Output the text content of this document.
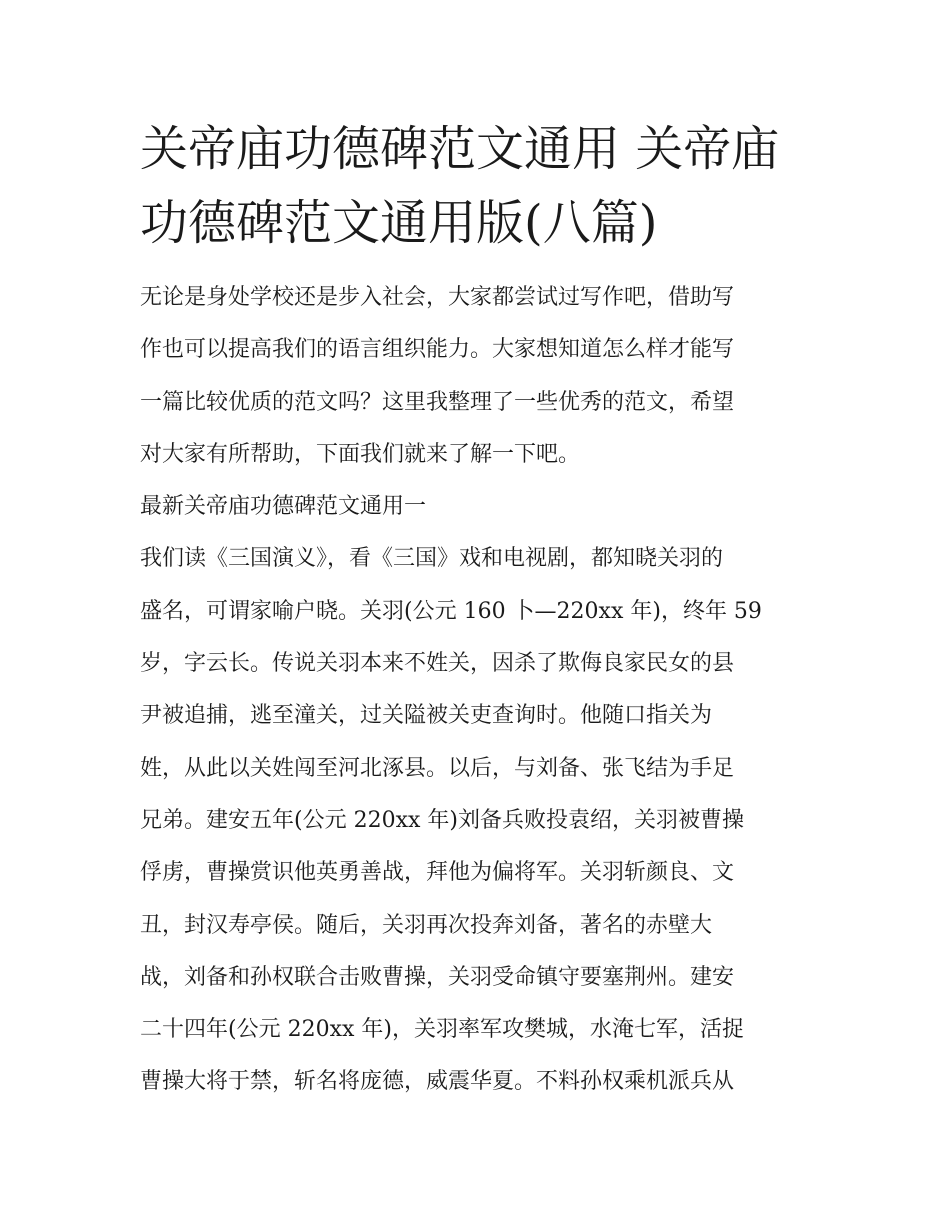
关帝庙功德碑范文通用 关帝庙
功德碑范文通用版(八篇)
无论是身处学校还是步入社会，大家都尝试过写作吧，借助写
作也可以提高我们的语言组织能力。大家想知道怎么样才能写
一篇比较优质的范文吗？这里我整理了一些优秀的范文，希望
对大家有所帮助，下面我们就来了解一下吧。
最新关帝庙功德碑范文通用一
我们读《三国演义》，看《三国》戏和电视剧，都知晓关羽的
盛名，可谓家喻户晓。关羽(公元 160 卜—220xx 年)，终年 59
岁，字云长。传说关羽本来不姓关，因杀了欺侮良家民女的县
尹被追捕，逃至潼关，过关隘被关吏查询时。他随口指关为
姓，从此以关姓闯至河北涿县。以后，与刘备、张飞结为手足
兄弟。建安五年(公元 220xx 年)刘备兵败投袁绍，关羽被曹操
俘虏，曹操赏识他英勇善战，拜他为偏将军。关羽斩颜良、文
丑，封汉寿亭侯。随后，关羽再次投奔刘备，著名的赤壁大
战，刘备和孙权联合击败曹操，关羽受命镇守要塞荆州。建安
二十四年(公元 220xx 年)，关羽率军攻樊城，水淹七军，活捉
曹操大将于禁，斩名将庞德，威震华夏。不料孙权乘机派兵从
